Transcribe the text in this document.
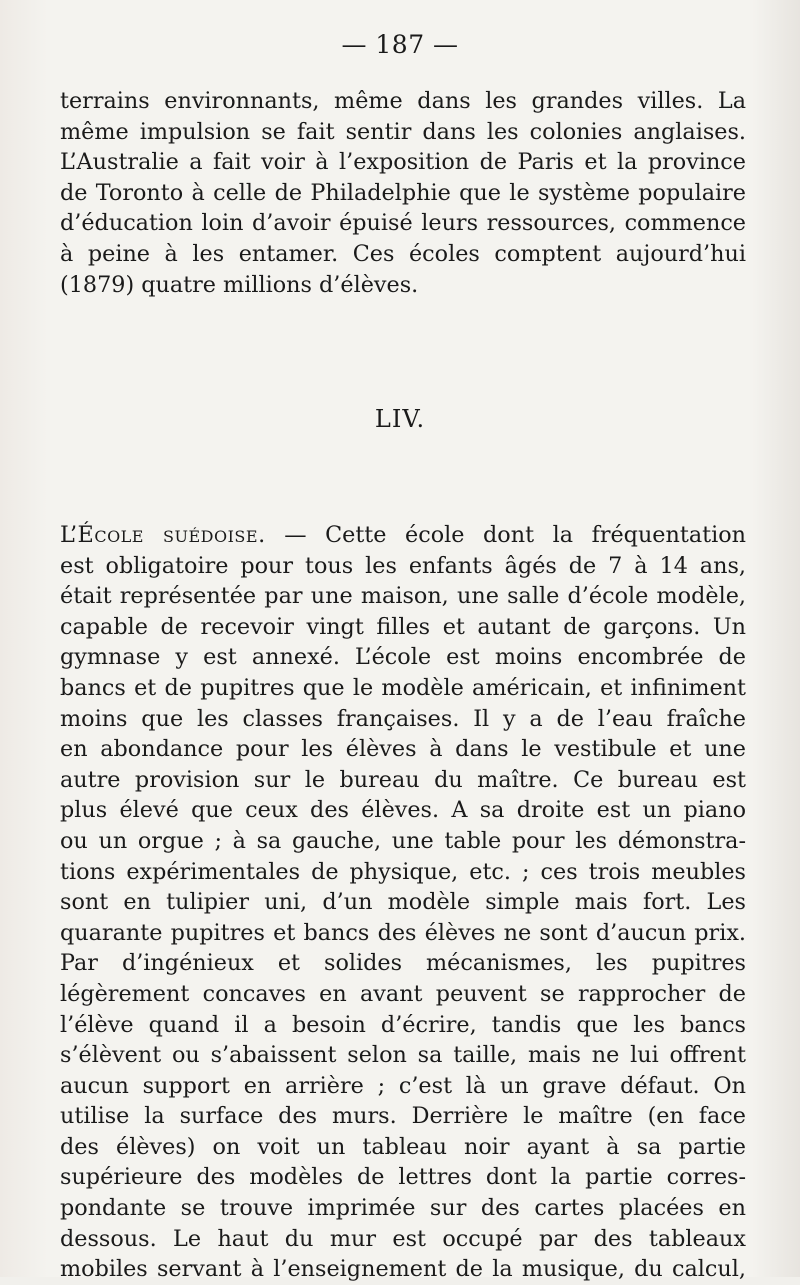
— 187 —
terrains environnants, même dans les grandes villes. La
même impulsion se fait sentir dans les colonies anglaises.
L’Australie a fait voir à l’exposition de Paris et la province
de Toronto à celle de Philadelphie que le système populaire
d’éducation loin d’avoir épuisé leurs ressources, commence
à peine à les entamer. Ces écoles comptent aujourd’hui
(1879) quatre millions d’élèves.
LIV.
L’École suédoise. — Cette école dont la fréquentation
est obligatoire pour tous les enfants âgés de 7 à 14 ans,
était représentée par une maison, une salle d’école modèle,
capable de recevoir vingt filles et autant de garçons. Un
gymnase y est annexé. L’école est moins encombrée de
bancs et de pupitres que le modèle américain, et infiniment
moins que les classes françaises. Il y a de l’eau fraîche
en abondance pour les élèves à dans le vestibule et une
autre provision sur le bureau du maître. Ce bureau est
plus élevé que ceux des élèves. A sa droite est un piano
ou un orgue ; à sa gauche, une table pour les démonstra-
tions expérimentales de physique, etc. ; ces trois meubles
sont en tulipier uni, d’un modèle simple mais fort. Les
quarante pupitres et bancs des élèves ne sont d’aucun prix.
Par d’ingénieux et solides mécanismes, les pupitres
légèrement concaves en avant peuvent se rapprocher de
l’élève quand il a besoin d’écrire, tandis que les bancs
s’élèvent ou s’abaissent selon sa taille, mais ne lui offrent
aucun support en arrière ; c’est là un grave défaut. On
utilise la surface des murs. Derrière le maître (en face
des élèves) on voit un tableau noir ayant à sa partie
supérieure des modèles de lettres dont la partie corres-
pondante se trouve imprimée sur des cartes placées en
dessous. Le haut du mur est occupé par des tableaux
mobiles servant à l’enseignement de la musique, du calcul,
